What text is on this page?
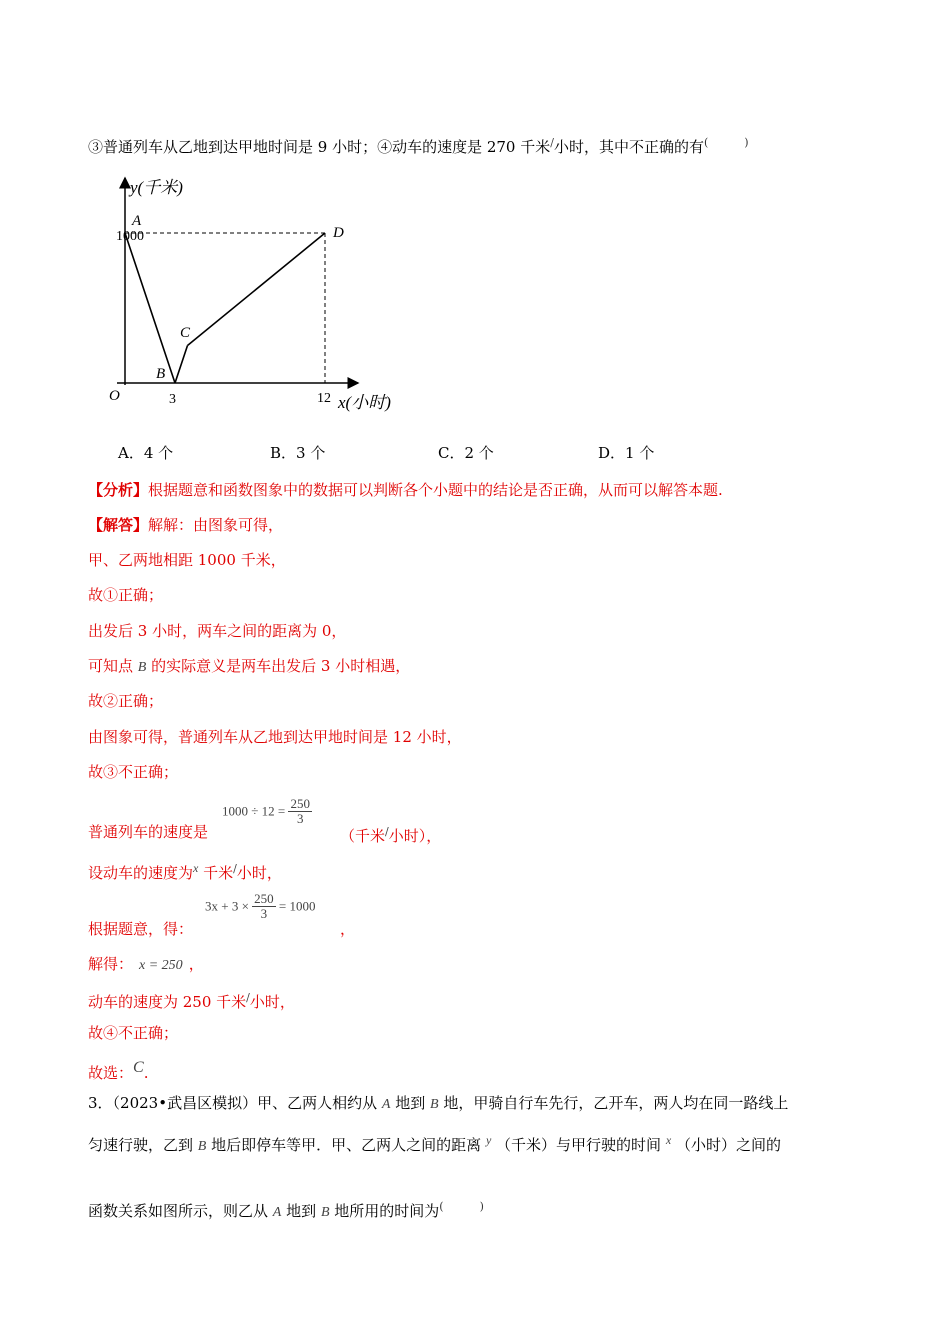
③普通列车从乙地到达甲地时间是 9 小时；④动车的速度是 270 千米/小时，其中不正确的有(	)
y(千米)
x(小时)
O
1000
3	12
A
B
C
D
A．4 个	B．3 个	C．2 个	D．1 个
【分析】根据题意和函数图象中的数据可以判断各个小题中的结论是否正确，从而可以解答本题.
【解答】解解：由图象可得，
甲、乙两地相距 1000 千米，
故①正确；
出发后 3 小时，两车之间的距离为 0，
可知点 B 的实际意义是两车出发后 3 小时相遇，
故②正确；
由图象可得，普通列车从乙地到达甲地时间是 12 小时，
故③不正确；
普通列车的速度是
$1000 \div 12 = \frac{250}{3}$
（千米/小时），
设动车的速度为$^x$ 千米/小时，
根据题意，得：
$3x + 3 \times \frac{250}{3} = 1000$
，
解得： x = 250 ，
动车的速度为 250 千米/小时，
故④不正确；
故选：C.
3．（2023•武昌区模拟）甲、乙两人相约从 A 地到 B 地，甲骑自行车先行，乙开车，两人均在同一路线上
匀速行驶，乙到 B 地后即停车等甲．甲、乙两人之间的距离 $^y$ （千米）与甲行驶的时间 $^x$ （小时）之间的
函数关系如图所示，则乙从 A 地到 B 地所用的时间为(	)
